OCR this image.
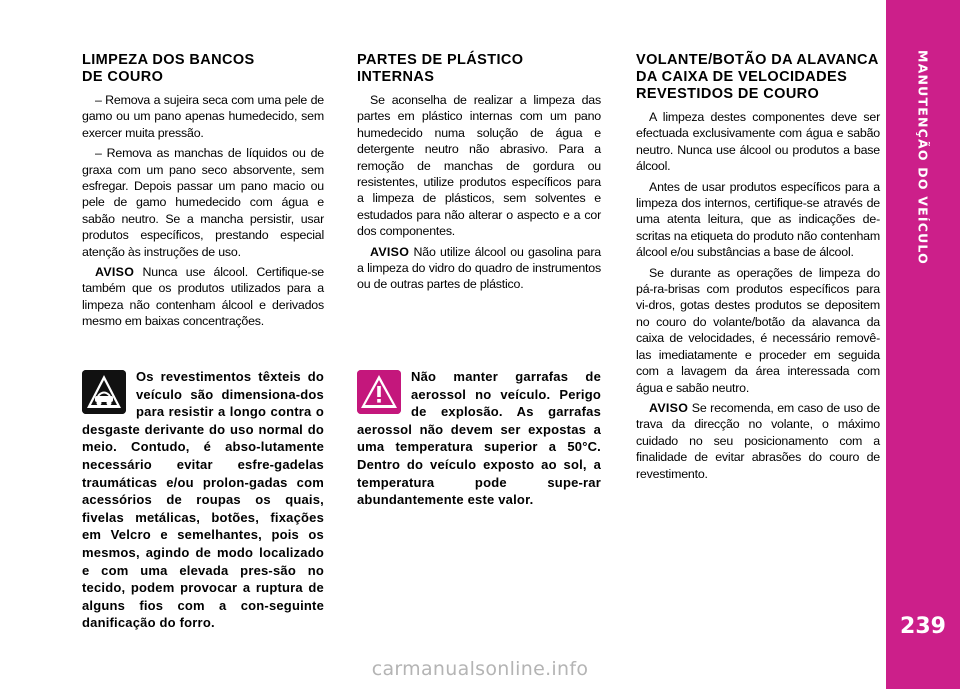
LIMPEZA DOS BANCOS
DE COURO

– Remova a sujeira seca com uma pele de gamo ou um pano apenas humedecido, sem exercer muita pressão.

– Remova as manchas de líquidos ou de graxa com um pano seco absorvente, sem esfregar. Depois passar um pano macio ou pele de gamo humedecido com água e sabão neutro. Se a mancha persistir, usar produtos específicos, prestando especial atenção às instruções de uso.

AVISO Nunca use álcool. Certifique-se também que os produtos utilizados para a limpeza não contenham álcool e derivados mesmo em baixas concentrações.

Os revestimentos têxteis do veículo são dimensiona-dos para resistir a longo contra o desgaste derivante do uso normal do meio. Contudo, é abso-lutamente necessário evitar esfre-gadelas traumáticas e/ou prolon-gadas com acessórios de roupas os quais, fivelas metálicas, botões, fixações em Velcro e semelhantes, pois os mesmos, agindo de modo localizado e com uma elevada pres-são no tecido, podem provocar a ruptura de alguns fios com a con-seguinte danificação do forro.
PARTES DE PLÁSTICO
INTERNAS

Se aconselha de realizar a limpeza das partes em plástico internas com um pano humedecido numa solução de água e detergente neutro não abrasivo. Para a remoção de manchas de gordura ou resistentes, utilize produtos específicos para a limpeza de plásticos, sem solventes e estudados para não alterar o aspecto e a cor dos componentes.

AVISO Não utilize álcool ou gasolina para a limpeza do vidro do quadro de instrumentos ou de outras partes de plástico.

Não manter garrafas de aerossol no veículo. Perigo de explosão. As garrafas aerossol não devem ser expostas a uma temperatura superior a 50°C. Dentro do veículo exposto ao sol, a temperatura pode supe-rar abundantemente este valor.
VOLANTE/BOTÃO DA ALAVANCA
DA CAIXA DE VELOCIDADES
REVESTIDOS DE COURO

A limpeza destes componentes deve ser efectuada exclusivamente com água e sabão neutro. Nunca use álcool ou produtos a base álcool.

Antes de usar produtos específicos para a limpeza dos internos, certifique-se através de uma atenta leitura, que as indicações de-scritas na etiqueta do produto não contenham álcool e/ou substâncias a base de álcool.

Se durante as operações de limpeza do pá-ra-brisas com produtos específicos para vi-dros, gotas destes produtos se depositem no couro do volante/botão da alavanca da caixa de velocidades, é necessário removê-las imediatamente e proceder em seguida com a lavagem da área interessada com água e sabão neutro.

AVISO Se recomenda, em caso de uso de trava da direcção no volante, o máximo cuidado no seu posicionamento com a finalidade de evitar abrasões do couro de revestimento.

MANUTENÇÃO DO VEÍCULO
239
carmanualsonline.info
